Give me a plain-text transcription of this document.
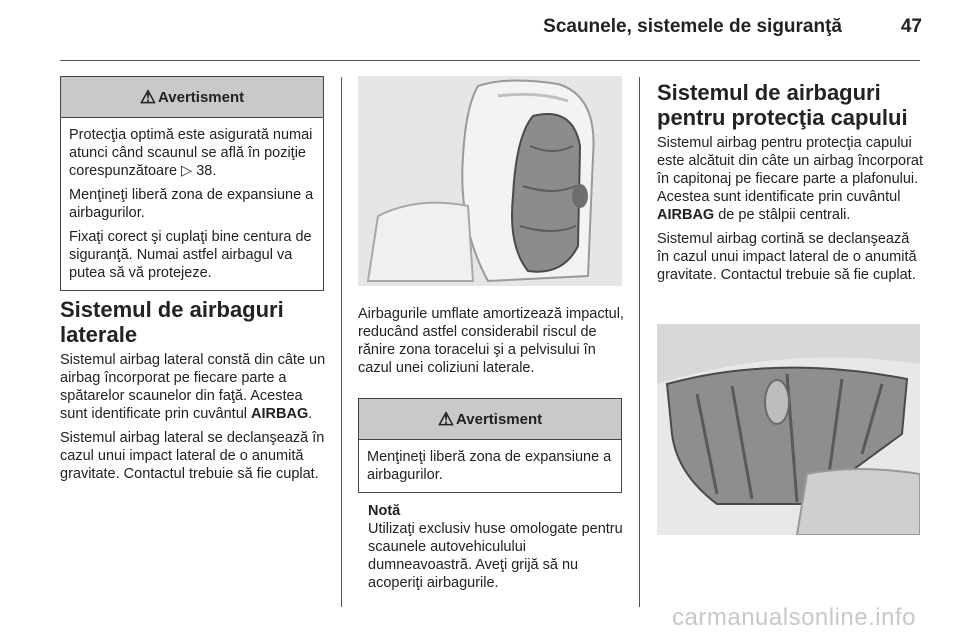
Scaunele, sistemele de siguranţă	47
⚠ Avertisment

Protecţia optimă este asigurată numai atunci când scaunul se află în poziţie corespunzătoare ▷ 38.

Menţineţi liberă zona de expansiune a airbagurilor.

Fixaţi corect şi cuplaţi bine centura de siguranţă. Numai astfel airbagul va putea să vă protejeze.

Sistemul de airbaguri laterale

Sistemul airbag lateral constă din câte un airbag încorporat pe fiecare parte a spătarelor scaunelor din faţă. Acestea sunt identificate prin cuvântul AIRBAG.

Sistemul airbag lateral se declanşează în cazul unui impact lateral de o anumită gravitate. Contactul trebuie să fie cuplat.

Airbagurile umflate amortizează impactul, reducând astfel considerabil riscul de rănire zona toracelui şi a pelvisului în cazul unei coliziuni laterale.
⚠ Avertisment

Menţineţi liberă zona de expansiune a airbagurilor.

Notă
Utilizaţi exclusiv huse omologate pentru scaunele autovehiculului dumneavoastră. Aveţi grijă să nu acoperiţi airbagurile.
Sistemul de airbaguri pentru protecţia capului

Sistemul airbag pentru protecţia capului este alcătuit din câte un airbag încorporat în capitonaj pe fiecare parte a plafonului. Acestea sunt identificate prin cuvântul AIRBAG de pe stâlpii centrali.

Sistemul airbag cortină se declanşează în cazul unui impact lateral de o anumită gravitate. Contactul trebuie să fie cuplat.

carmanualsonline.info
